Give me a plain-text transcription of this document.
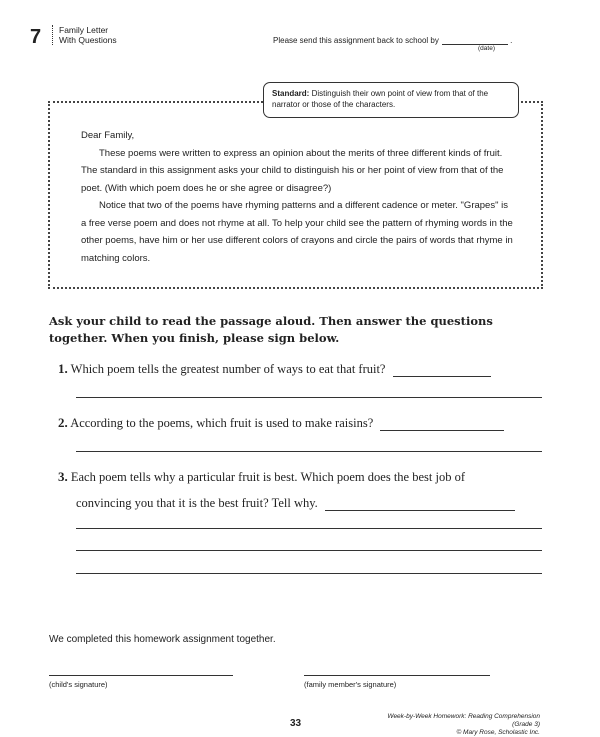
7 Family Letter
With Questions	Please send this assignment back to school by	.
(date)
Standard: Distinguish their own point of view from that of the narrator or those of the characters.

Dear Family,

These poems were written to express an opinion about the merits of three different kinds of fruit. The standard in this assignment asks your child to distinguish his or her point of view from that of the poet. (With which poem does he or she agree or disagree?)

Notice that two of the poems have rhyming patterns and a different cadence or meter. "Grapes" is a free verse poem and does not rhyme at all. To help your child see the pattern of rhyming words in the other poems, have him or her use different colors of crayons and circle the pairs of words that rhyme in matching colors.

Ask your child to read the passage aloud. Then answer the questions together. When you finish, please sign below.
1. Which poem tells the greatest number of ways to eat that fruit?
2. According to the poems, which fruit is used to make raisins?
3. Each poem tells why a particular fruit is best. Which poem does the best job of
convincing you that it is the best fruit? Tell why.
We completed this homework assignment together.
(child's signature)	(family member's signature)
33
Week-by-Week Homework: Reading Comprehension (Grade 3)
© Mary Rose, Scholastic Inc.
